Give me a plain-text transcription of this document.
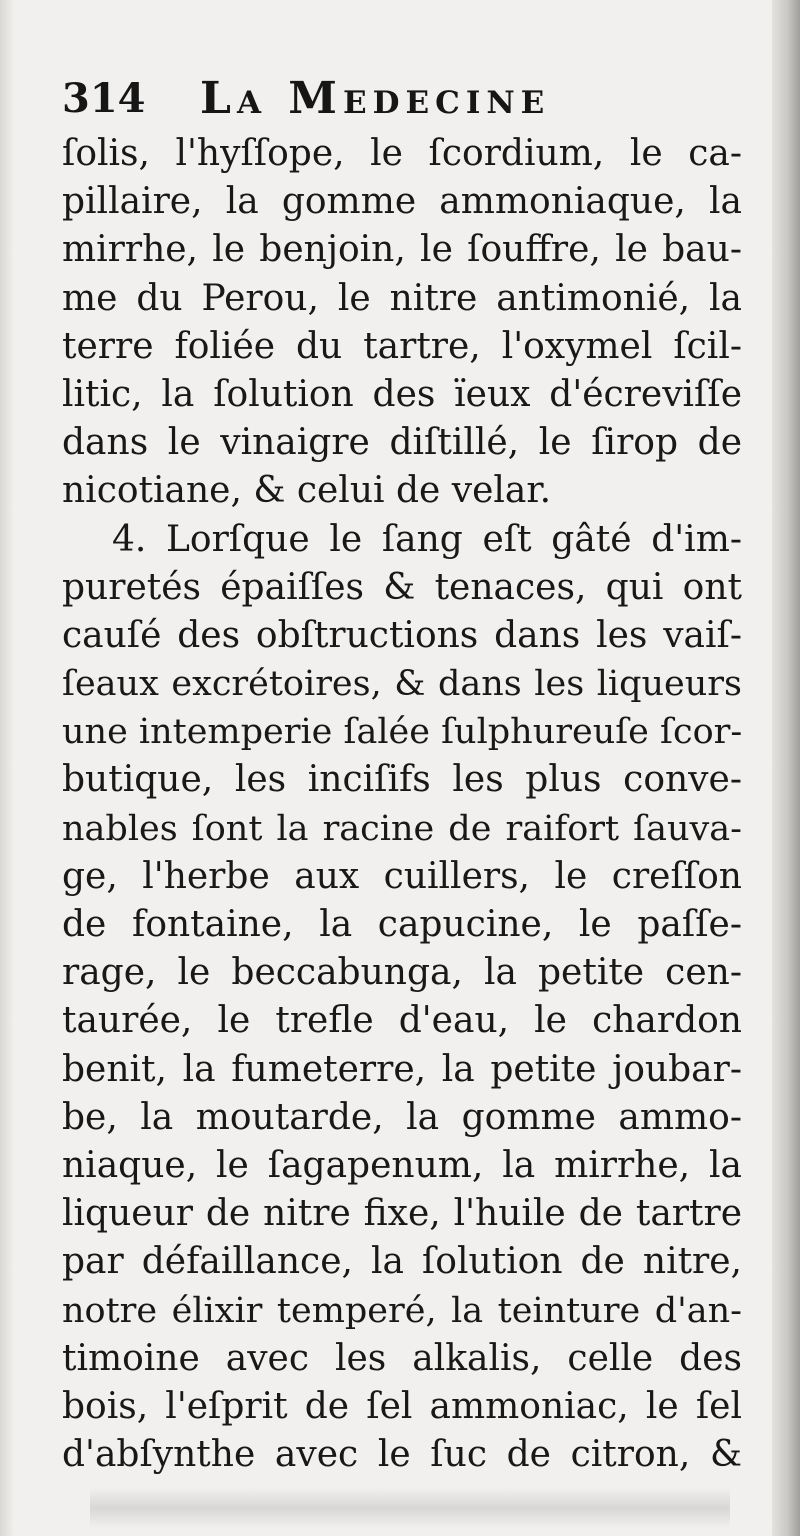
314 La Medecine
ſolis, l'hyſſope, le ſcordium, le ca-
pillaire, la gomme ammoniaque, la
mirrhe, le benjoin, le ſouffre, le bau-
me du Perou, le nitre antimonié, la
terre foliée du tartre, l'oxymel ſcil-
litic, la ſolution des ïeux d'écreviſſe
dans le vinaigre diſtillé, le ſirop de
nicotiane, & celui de velar.
4. Lorſque le ſang eſt gâté d'im-
puretés épaiſſes & tenaces, qui ont
cauſé des obſtructions dans les vaiſ-
ſeaux excrétoires, & dans les liqueurs
une intemperie ſalée ſulphureuſe ſcor-
butique, les inciſifs les plus conve-
nables ſont la racine de raifort ſauva-
ge, l'herbe aux cuillers, le creſſon
de fontaine, la capucine, le paſſe-
rage, le beccabunga, la petite cen-
taurée, le trefle d'eau, le chardon
benit, la fumeterre, la petite joubar-
be, la moutarde, la gomme ammo-
niaque, le ſagapenum, la mirrhe, la
liqueur de nitre fixe, l'huile de tartre
par défaillance, la ſolution de nitre,
notre élixir temperé, la teinture d'an-
timoine avec les alkalis, celle des
bois, l'eſprit de ſel ammoniac, le ſel
d'abſynthe avec le ſuc de citron, &
